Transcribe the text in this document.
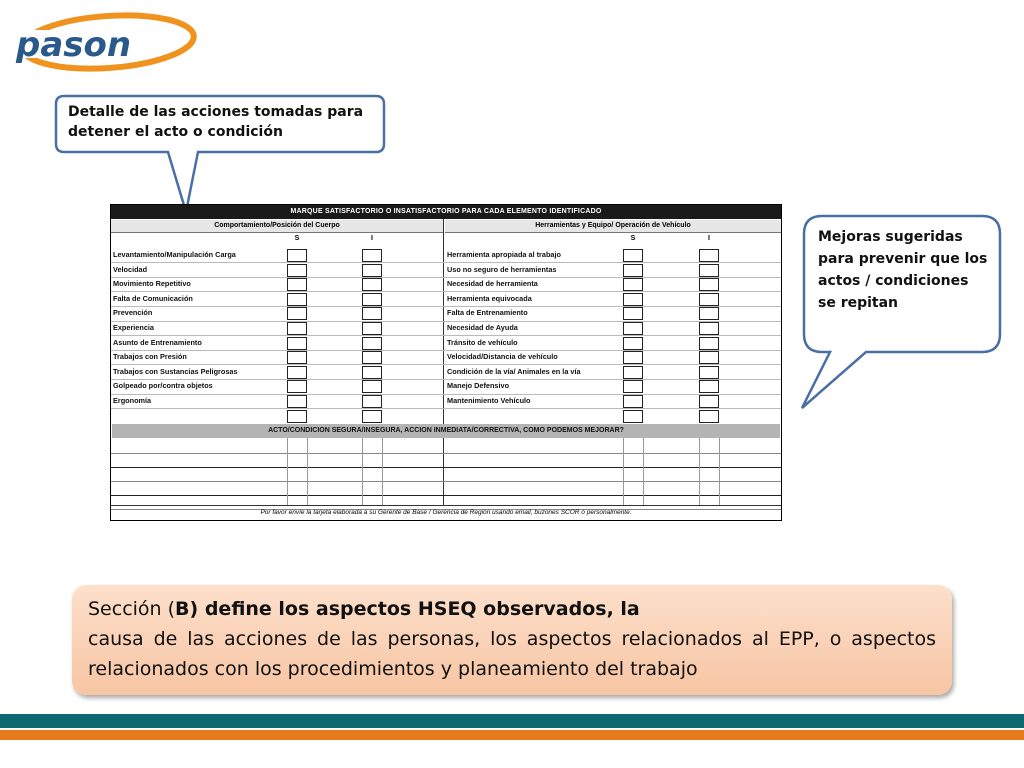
pason
Detalle de las acciones tomadas para detener el acto o condición
Mejoras sugeridas para prevenir que los actos / condiciones se repitan
MARQUE SATISFACTORIO O INSATISFACTORIO PARA CADA ELEMENTO IDENTIFICADO
Comportamiento/Posición del Cuerpo	Herramientas y Equipo/ Operación de Vehículo
S	I	S	I
Levantamiento/Manipulación Carga	Herramienta apropiada al trabajo
Velocidad	Uso no seguro de herramientas
Movimiento Repetitivo	Necesidad de herramienta
Falta de Comunicación	Herramienta equivocada
Prevención	Falta de Entrenamiento
Experiencia	Necesidad de Ayuda
Asunto de Entrenamiento	Tránsito de vehículo
Trabajos con Presión	Velocidad/Distancia de vehículo
Trabajos con Sustancias Peligrosas	Condición de la vía/ Animales en la vía
Golpeado por/contra objetos	Manejo Defensivo
Ergonomía	Mantenimiento Vehículo
ACTO/CONDICION SEGURA/INSEGURA, ACCION INMEDIATA/CORRECTIVA, COMO PODEMOS MEJORAR?
Por favor envíe la tarjeta elaborada a su Gerente de Base / Gerencia de Región usando email, buzones SCOR ó personalmente.

Sección (B) define los aspectos HSEQ observados, la

causa de las acciones de las personas, los aspectos relacionados al EPP, o aspectos relacionados con los procedimientos y planeamiento del trabajo
